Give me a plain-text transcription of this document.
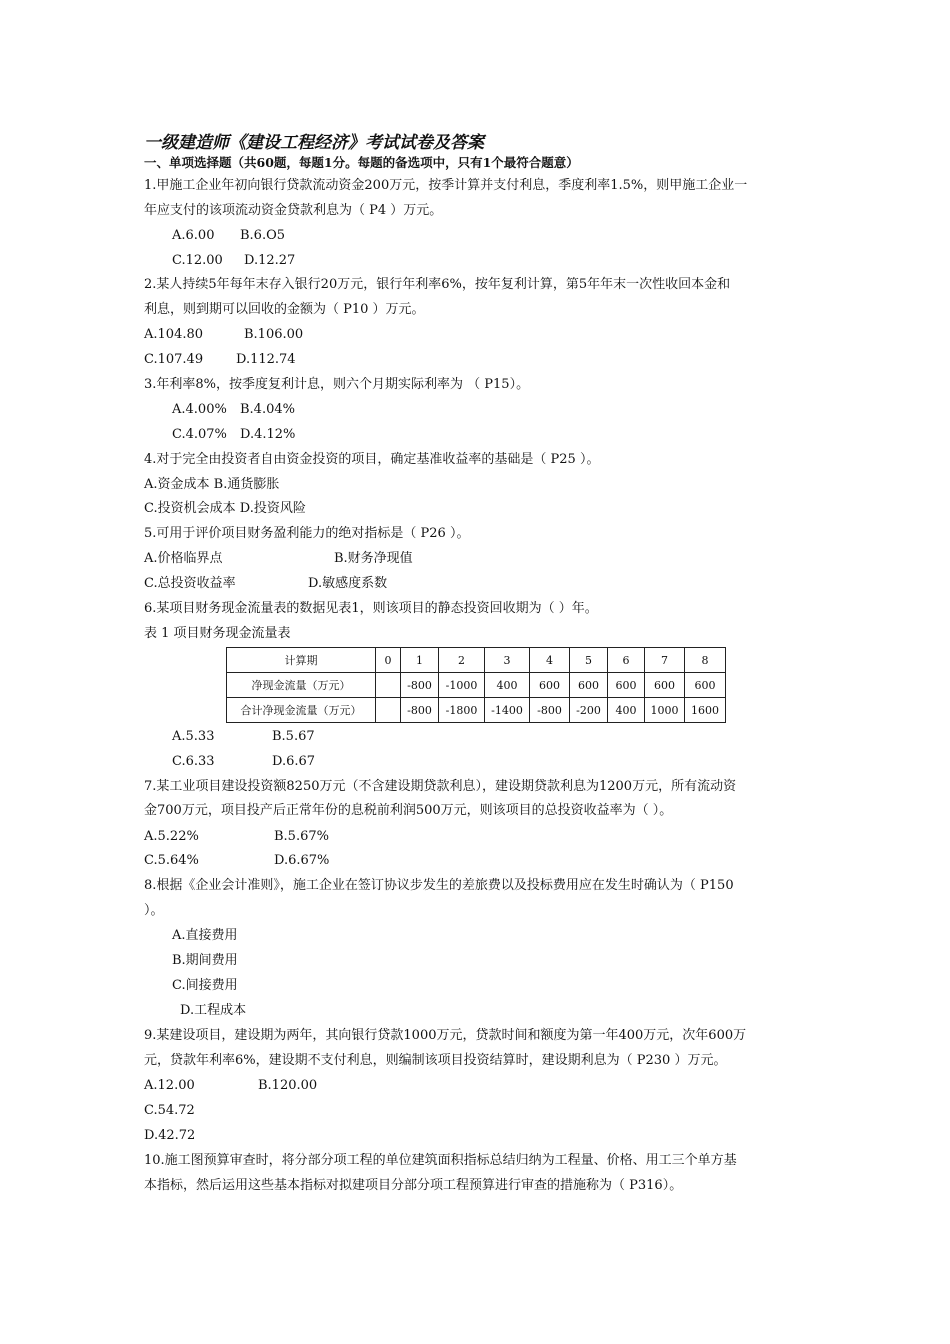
一级建造师《建设工程经济》考试试卷及答案
一、单项选择题（共60题，每题1分。每题的备选项中，只有1个最符合题意）
1.甲施工企业年初向银行贷款流动资金200万元，按季计算并支付利息，季度利率1.5%，则甲施工企业一
年应支付的该项流动资金贷款利息为（ P4 ）万元。
A.6.00 B.6.O5
C.12.00 D.12.27
2.某人持续5年每年末存入银行20万元，银行年利率6%，按年复利计算，第5年年末一次性收回本金和
利息，则到期可以回收的金额为（ P10 ）万元。
A.104.80	B.106.00
C.107.49	D.112.74
3.年利率8%，按季度复利计息，则六个月期实际利率为 （ P15）。
A.4.00% B.4.04%
C.4.07% D.4.12%
4.对于完全由投资者自由资金投资的项目，确定基准收益率的基础是（ P25 ）。
A.资金成本 B.通货膨胀
C.投资机会成本 D.投资风险
5.可用于评价项目财务盈利能力的绝对指标是（ P26 ）。
A.价格临界点	B.财务净现值
C.总投资收益率	D.敏感度系数
6.某项目财务现金流量表的数据见表1，则该项目的静态投资回收期为（ ）年。
表 1 项目财务现金流量表
计算期	0	1	2	3	4	5	6	7	8
净现金流量（万元）		-800	-1000	400	600	600	600	600	600
合计净现金流量（万元）		-800	-1800	-1400	-800	-200	400	1000	1600
A.5.33	B.5.67
C.6.33	D.6.67
7.某工业项目建设投资额8250万元（不含建设期贷款利息），建设期贷款利息为1200万元，所有流动资
金700万元，项目投产后正常年份的息税前利润500万元，则该项目的总投资收益率为（ ）。
A.5.22%	B.5.67%
C.5.64%	D.6.67%
8.根据《企业会计准则》，施工企业在签订协议步发生的差旅费以及投标费用应在发生时确认为（ P150
）。
A.直接费用
B.期间费用
C.间接费用
D.工程成本
9.某建设项目，建设期为两年，其向银行贷款1000万元，贷款时间和额度为第一年400万元，次年600万
元，贷款年利率6%，建设期不支付利息，则编制该项目投资结算时，建设期利息为（ P230 ）万元。
A.12.00	B.120.00
C.54.72
D.42.72
10.施工图预算审查时，将分部分项工程的单位建筑面积指标总结归纳为工程量、价格、用工三个单方基
本指标，然后运用这些基本指标对拟建项目分部分项工程预算进行审查的措施称为（ P316）。
